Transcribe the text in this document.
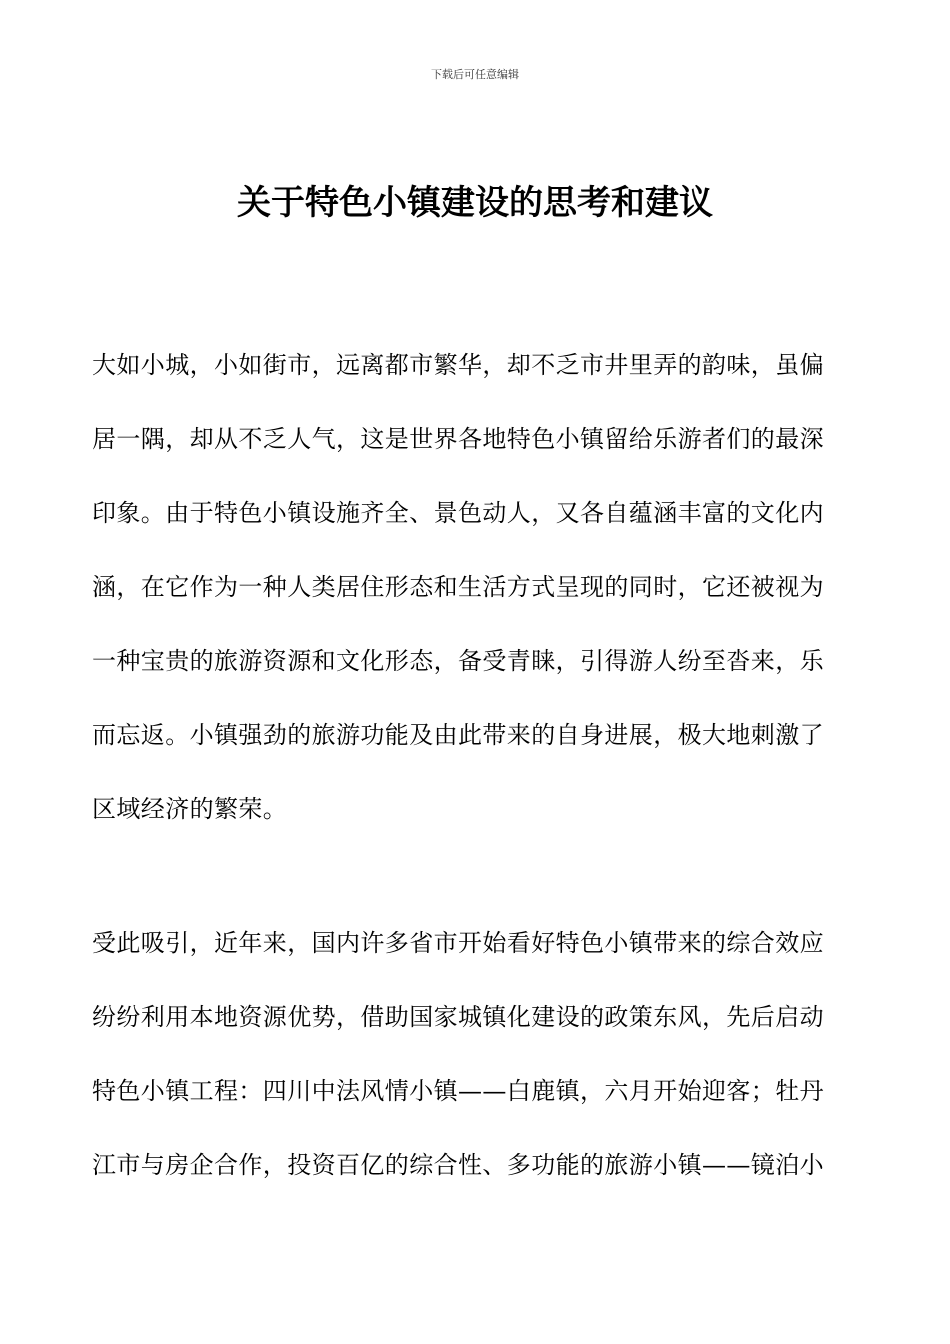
下载后可任意编辑
关于特色小镇建设的思考和建议

大如小城，小如街市，远离都市繁华，却不乏市井里弄的韵味，虽偏
居一隅，却从不乏人气，这是世界各地特色小镇留给乐游者们的最深
印象。由于特色小镇设施齐全、景色动人，又各自蕴涵丰富的文化内
涵，在它作为一种人类居住形态和生活方式呈现的同时，它还被视为
一种宝贵的旅游资源和文化形态，备受青睐，引得游人纷至沓来，乐
而忘返。小镇强劲的旅游功能及由此带来的自身进展，极大地刺激了
区域经济的繁荣。

受此吸引，近年来，国内许多省市开始看好特色小镇带来的综合效应
纷纷利用本地资源优势，借助国家城镇化建设的政策东风，先后启动
特色小镇工程：四川中法风情小镇——白鹿镇，六月开始迎客；牡丹
江市与房企合作，投资百亿的综合性、多功能的旅游小镇——镜泊小
